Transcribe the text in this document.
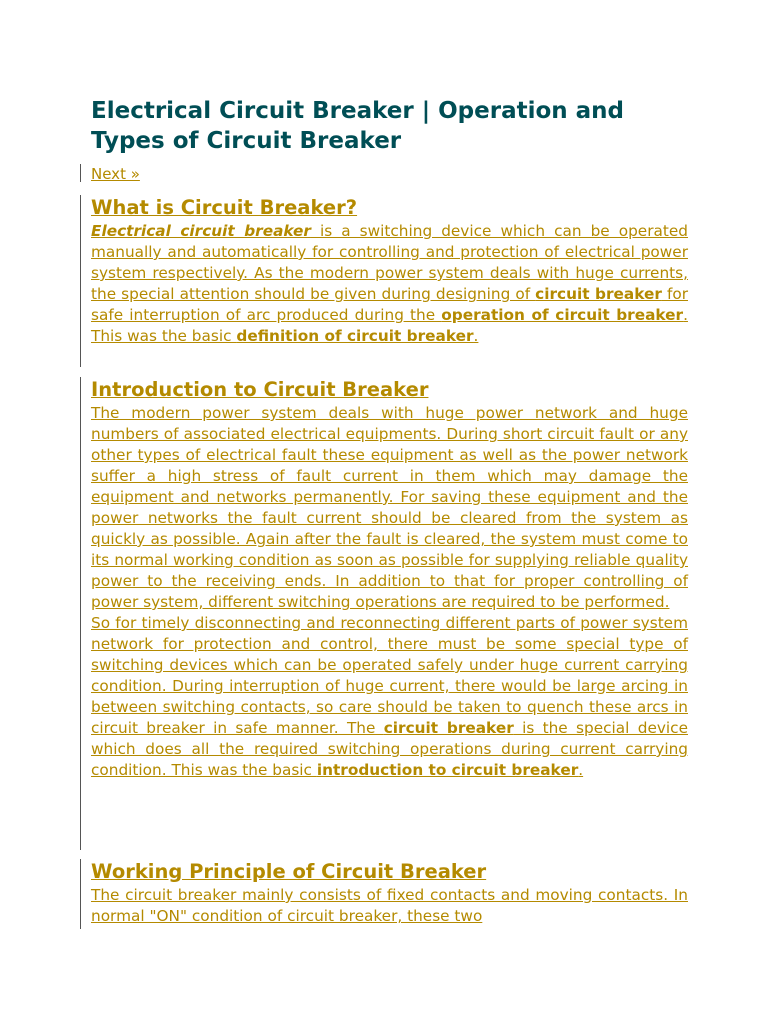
Electrical Circuit Breaker | Operation and Types of Circuit Breaker
Next »
What is Circuit Breaker?

Electrical circuit breaker is a switching device which can be operated manually and automatically for controlling and protection of electrical power system respectively. As the modern power system deals with huge currents, the special attention should be given during designing of circuit breaker for safe interruption of arc produced during the operation of circuit breaker. This was the basic definition of circuit breaker.

Introduction to Circuit Breaker

The modern power system deals with huge power network and huge numbers of associated electrical equipments. During short circuit fault or any other types of electrical fault these equipment as well as the power network suffer a high stress of fault current in them which may damage the equipment and networks permanently. For saving these equipment and the power networks the fault current should be cleared from the system as quickly as possible. Again after the fault is cleared, the system must come to its normal working condition as soon as possible for supplying reliable quality power to the receiving ends. In addition to that for proper controlling of power system, different switching operations are required to be performed.

So for timely disconnecting and reconnecting different parts of power system network for protection and control, there must be some special type of switching devices which can be operated safely under huge current carrying condition. During interruption of huge current, there would be large arcing in between switching contacts, so care should be taken to quench these arcs in circuit breaker in safe manner. The circuit breaker is the special device which does all the required switching operations during current carrying condition. This was the basic introduction to circuit breaker.

Working Principle of Circuit Breaker

The circuit breaker mainly consists of fixed contacts and moving contacts. In normal "ON" condition of circuit breaker, these two
